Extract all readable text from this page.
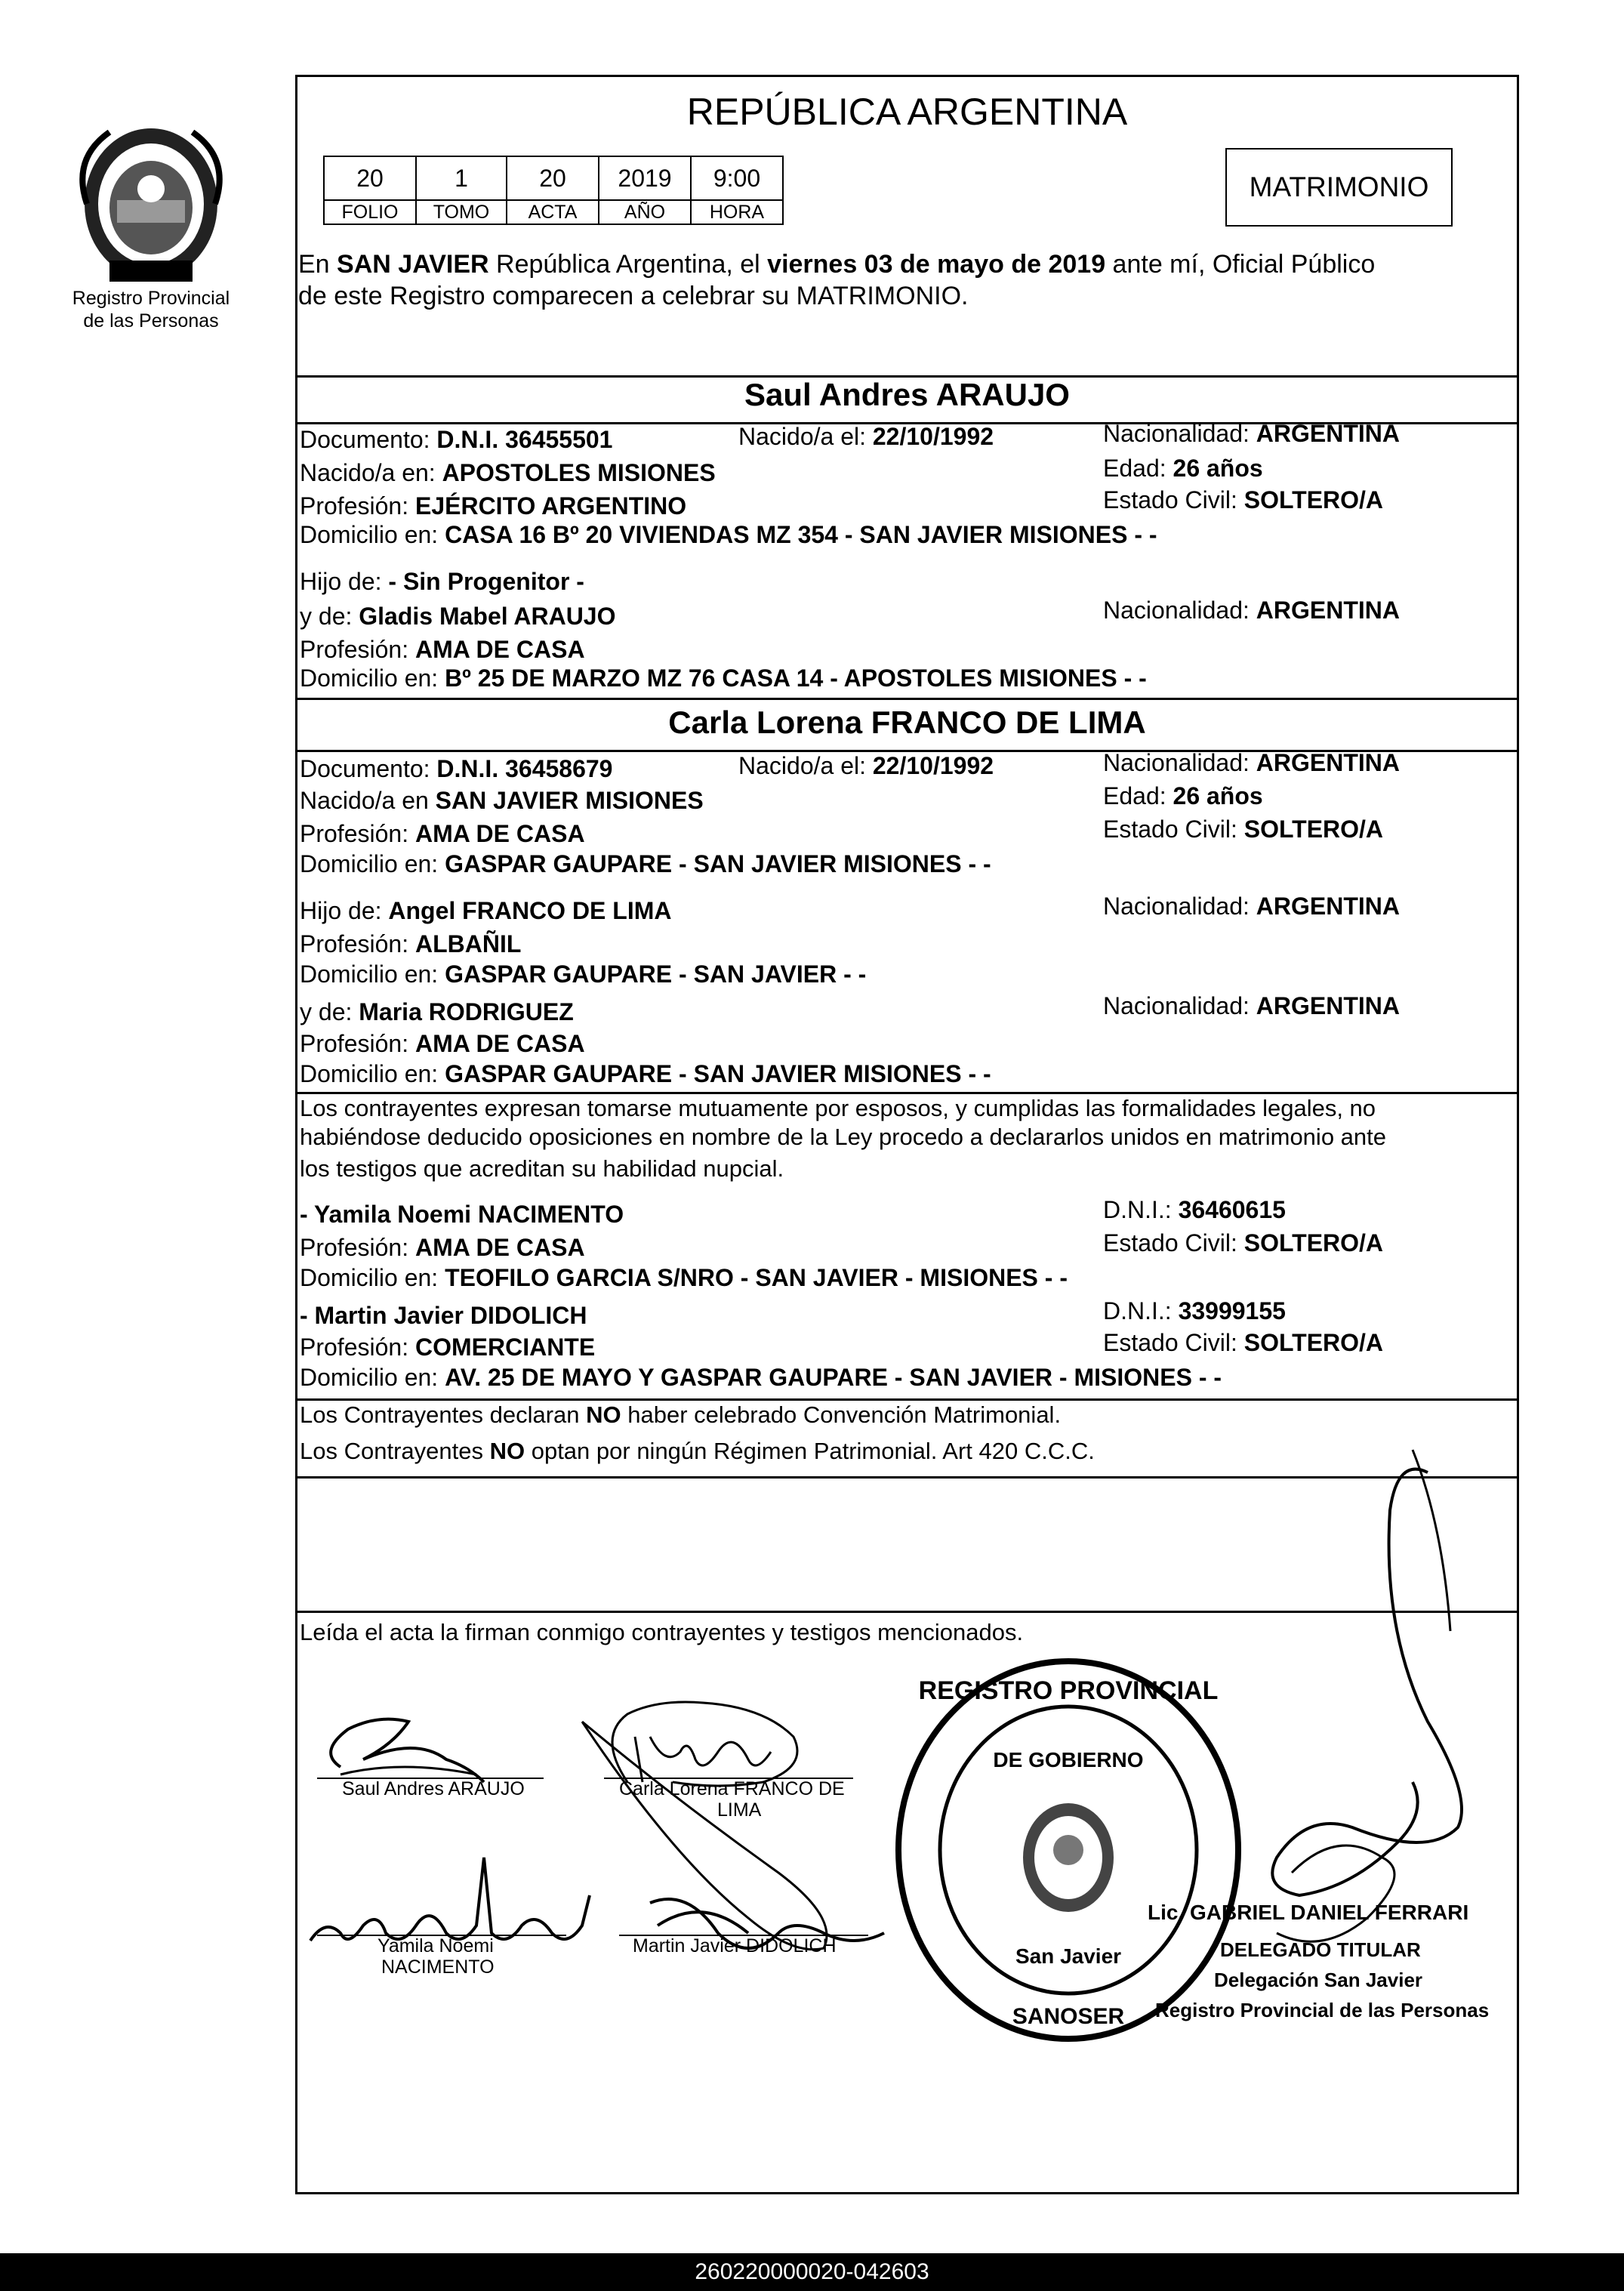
Registro Provincial
de las Personas
REPÚBLICA ARGENTINA
20	1	20	2019	9:00
FOLIO	TOMO	ACTA	AÑO	HORA
MATRIMONIO
En SAN JAVIER República Argentina, el viernes 03 de mayo de 2019 ante mí, Oficial Público
de este Registro comparecen a celebrar su MATRIMONIO.
Saul Andres ARAUJO
Documento: D.N.I. 36455501	Nacido/a el: 22/10/1992	Nacionalidad: ARGENTINA
Nacido/a en: APOSTOLES MISIONES	Edad: 26 años
Profesión: EJÉRCITO ARGENTINO	Estado Civil: SOLTERO/A
Domicilio en: CASA 16 Bº 20 VIVIENDAS MZ 354 - SAN JAVIER MISIONES - -
Hijo de: - Sin Progenitor -
y de: Gladis Mabel ARAUJO	Nacionalidad: ARGENTINA
Profesión: AMA DE CASA
Domicilio en: Bº 25 DE MARZO MZ 76 CASA 14 - APOSTOLES MISIONES - -
Carla Lorena FRANCO DE LIMA
Documento: D.N.I. 36458679	Nacido/a el: 22/10/1992	Nacionalidad: ARGENTINA
Nacido/a en SAN JAVIER MISIONES	Edad: 26 años
Profesión: AMA DE CASA	Estado Civil: SOLTERO/A
Domicilio en: GASPAR GAUPARE - SAN JAVIER MISIONES - -
Hijo de: Angel FRANCO DE LIMA	Nacionalidad: ARGENTINA
Profesión: ALBAÑIL
Domicilio en: GASPAR GAUPARE - SAN JAVIER - -
y de: Maria RODRIGUEZ	Nacionalidad: ARGENTINA
Profesión: AMA DE CASA
Domicilio en: GASPAR GAUPARE - SAN JAVIER MISIONES - -
Los contrayentes expresan tomarse mutuamente por esposos, y cumplidas las formalidades legales, no
habiéndose deducido oposiciones en nombre de la Ley procedo a declararlos unidos en matrimonio ante
los testigos que acreditan su habilidad nupcial.
- Yamila Noemi NACIMENTO	D.N.I.: 36460615
Profesión: AMA DE CASA	Estado Civil: SOLTERO/A
Domicilio en: TEOFILO GARCIA S/NRO - SAN JAVIER - MISIONES - -
- Martin Javier DIDOLICH	D.N.I.: 33999155
Profesión: COMERCIANTE	Estado Civil: SOLTERO/A
Domicilio en: AV. 25 DE MAYO Y GASPAR GAUPARE - SAN JAVIER - MISIONES - -
Los Contrayentes declaran NO haber celebrado Convención Matrimonial.
Los Contrayentes NO optan por ningún Régimen Patrimonial. Art 420 C.C.C.
Leída el acta la firman conmigo contrayentes y testigos mencionados.
Saul Andres ARAUJO	Carla Lorena FRANCO DE
LIMA
Yamila Noemi
NACIMENTO
Martin Javier DIDOLICH
REGISTRO PROVINCIAL
DE GOBIERNO
San Javier
SANOSER
Lic. GABRIEL DANIEL FERRARI
DELEGADO TITULAR
Delegación San Javier
Registro Provincial de las Personas
260220000020-042603
